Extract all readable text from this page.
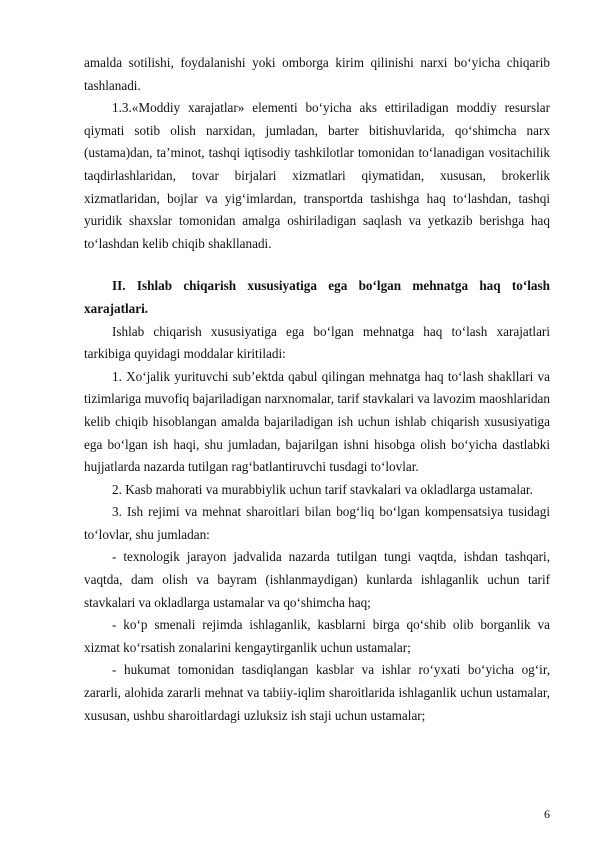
amalda sotilishi, foydalanishi yoki omborga kirim qilinishi narxi bo‘yicha chiqarib tashlanadi.

1.3.«Moddiy xarajatlar» elementi bo‘yicha aks ettiriladigan moddiy resurslar qiymati sotib olish narxidan, jumladan, barter bitishuvlarida, qo‘shimcha narx (ustama)dan, ta’minot, tashqi iqtisodiy tashkilotlar tomonidan to‘lanadigan vositachilik taqdirlashlaridan, tovar birjalari xizmatlari qiymatidan, xususan, brokerlik xizmatlaridan, bojlar va yig‘imlardan, transportda tashishga haq to‘lashdan, tashqi yuridik shaxslar tomonidan amalga oshiriladigan saqlash va yetkazib berishga haq to‘lashdan kelib chiqib shakllanadi.

II. Ishlab chiqarish xususiyatiga ega bo‘lgan mehnatga haq to‘lash xarajatlari.

Ishlab chiqarish xususiyatiga ega bo‘lgan mehnatga haq to‘lash xarajatlari tarkibiga quyidagi moddalar kiritiladi:

1. Xo‘jalik yurituvchi sub’ektda qabul qilingan mehnatga haq to‘lash shakllari va tizimlariga muvofiq bajariladigan narxnomalar, tarif stavkalari va lavozim maoshlaridan kelib chiqib hisoblangan amalda bajariladigan ish uchun ishlab chiqarish xususiyatiga ega bo‘lgan ish haqi, shu jumladan, bajarilgan ishni hisobga olish bo‘yicha dastlabki hujjatlarda nazarda tutilgan rag‘batlantiruvchi tusdagi to‘lovlar.

2. Kasb mahorati va murabbiylik uchun tarif stavkalari va okladlarga ustamalar.

3. Ish rejimi va mehnat sharoitlari bilan bog‘liq bo‘lgan kompensatsiya tusidagi to‘lovlar, shu jumladan:

- texnologik jarayon jadvalida nazarda tutilgan tungi vaqtda, ishdan tashqari, vaqtda, dam olish va bayram (ishlanmaydigan) kunlarda ishlaganlik uchun tarif stavkalari va okladlarga ustamalar va qo‘shimcha haq;

- ko‘p smenali rejimda ishlaganlik, kasblarni birga qo‘shib olib borganlik va xizmat ko‘rsatish zonalarini kengaytirganlik uchun ustamalar;

- hukumat tomonidan tasdiqlangan kasblar va ishlar ro‘yxati bo‘yicha og‘ir, zararli, alohida zararli mehnat va tabiiy-iqlim sharoitlarida ishlaganlik uchun ustamalar, xususan, ushbu sharoitlardagi uzluksiz ish staji uchun ustamalar;

6
